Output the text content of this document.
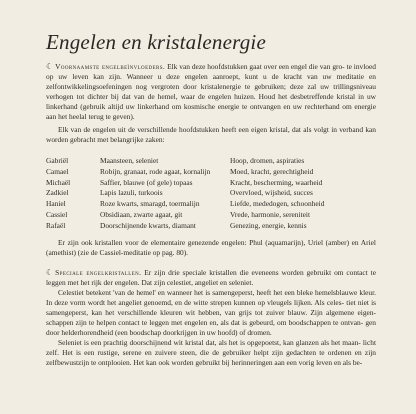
Engelen en kristalenergie

☾ Voornaamste engelbeïnvloeders. Elk van deze hoofdstukken gaat over een engel die van gro- te invloed op uw leven kan zijn. Wanneer u deze engelen aanroept, kunt u de kracht van uw meditatie en zelfontwikkelingsoefeningen nog vergroten door kristalenergie te gebruiken; deze zal uw trillingsniveau verhogen tot dichter bij dat van de hemel, waar de engelen huizen. Houd het desbetreffende kristal in uw linkerhand (gebruik altijd uw linkerhand om kosmische energie te ontvangen en uw rechterhand om energie aan het heelal terug te geven).

Elk van de engelen uit de verschillende hoofdstukken heeft een eigen kristal, dat als volgt in verband kan worden gebracht met belangrijke zaken:

Gabriël	Maansteen, seleniet	Hoop, dromen, aspiraties
Camael	Robijn, granaat, rode agaat, kornalijn	Moed, kracht, gerechtigheid
Michaël	Saffier, blauwe (of gele) topaas	Kracht, bescherming, waarheid
Zadkiel	Lapis lazuli, turkoois	Overvloed, wijsheid, succes
Haniel	Roze kwarts, smaragd, toermalijn	Liefde, mededogen, schoonheid
Cassiel	Obsidiaan, zwarte agaat, git	Vrede, harmonie, sereniteit
Rafaël	Doorschijnende kwarts, diamant	Genezing, energie, kennis

Er zijn ook kristallen voor de elementaire genezende engelen: Phul (aquamarijn), Uriel (amber) en Ariel (amethist) (zie de Cassiel-meditatie op pag. 80).

☾ Speciale engelkristallen. Er zijn drie speciale kristallen die eveneens worden gebruikt om contact te leggen met het rijk der engelen. Dat zijn celestiet, angeliet en seleniet.

Celestiet betekent 'van de hemel' en wanneer het is samengeperst, heeft het een bleke hemelsblauwe kleur. In deze vorm wordt het angeliet genoemd, en de witte strepen kunnen op vleugels lijken. Als celes- tiet niet is samengeperst, kan het verschillende kleuren wit hebben, van grijs tot zuiver blauw. Zijn algemene eigen- schappen zijn te helpen contact te leggen met engelen en, als dat is gebeurd, om boodschappen te ontvan- gen door helderhorendheid (een boodschap doorkrijgen in uw hoofd) of dromen.

Seleniet is een prachtig doorschijnend wit kristal dat, als het is opgepoetst, kan glanzen als het maan- licht zelf. Het is een rustige, serene en zuivere steen, die de gebruiker helpt zijn gedachten te ordenen en zijn zelfbewustzijn te ontplooien. Het kan ook worden gebruikt bij herinneringen aan een vorig leven en als be-
